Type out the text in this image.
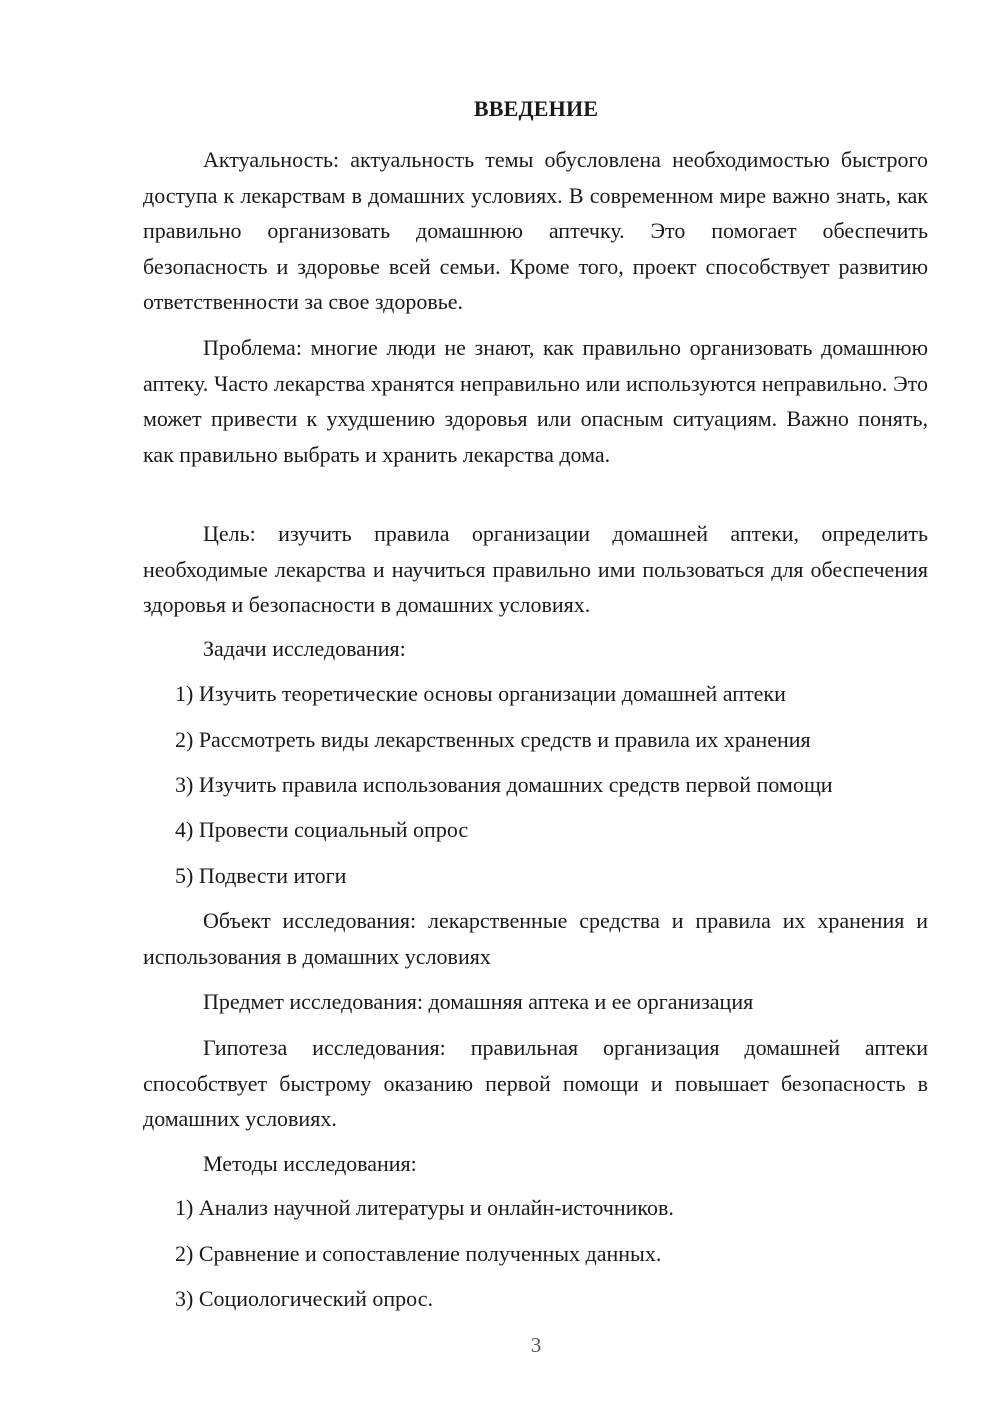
ВВЕДЕНИЕ

Актуальность: актуальность темы обусловлена необходимостью быстрого доступа к лекарствам в домашних условиях. В современном мире важно знать, как правильно организовать домашнюю аптечку. Это помогает обеспечить безопасность и здоровье всей семьи. Кроме того, проект способствует развитию ответственности за свое здоровье.

Проблема: многие люди не знают, как правильно организовать домашнюю аптеку. Часто лекарства хранятся неправильно или используются неправильно. Это может привести к ухудшению здоровья или опасным ситуациям. Важно понять, как правильно выбрать и хранить лекарства дома.

Цель: изучить правила организации домашней аптеки, определить необходимые лекарства и научиться правильно ими пользоваться для обеспечения здоровья и безопасности в домашних условиях.

Задачи исследования:
1) Изучить теоретические основы организации домашней аптеки
2) Рассмотреть виды лекарственных средств и правила их хранения
3) Изучить правила использования домашних средств первой помощи
4) Провести социальный опрос
5) Подвести итоги

Объект исследования: лекарственные средства и правила их хранения и использования в домашних условиях

Предмет исследования: домашняя аптека и ее организация

Гипотеза исследования: правильная организация домашней аптеки способствует быстрому оказанию первой помощи и повышает безопасность в домашних условиях.

Методы исследования:
1) Анализ научной литературы и онлайн-источников.
2) Сравнение и сопоставление полученных данных.
3) Социологический опрос.
3
